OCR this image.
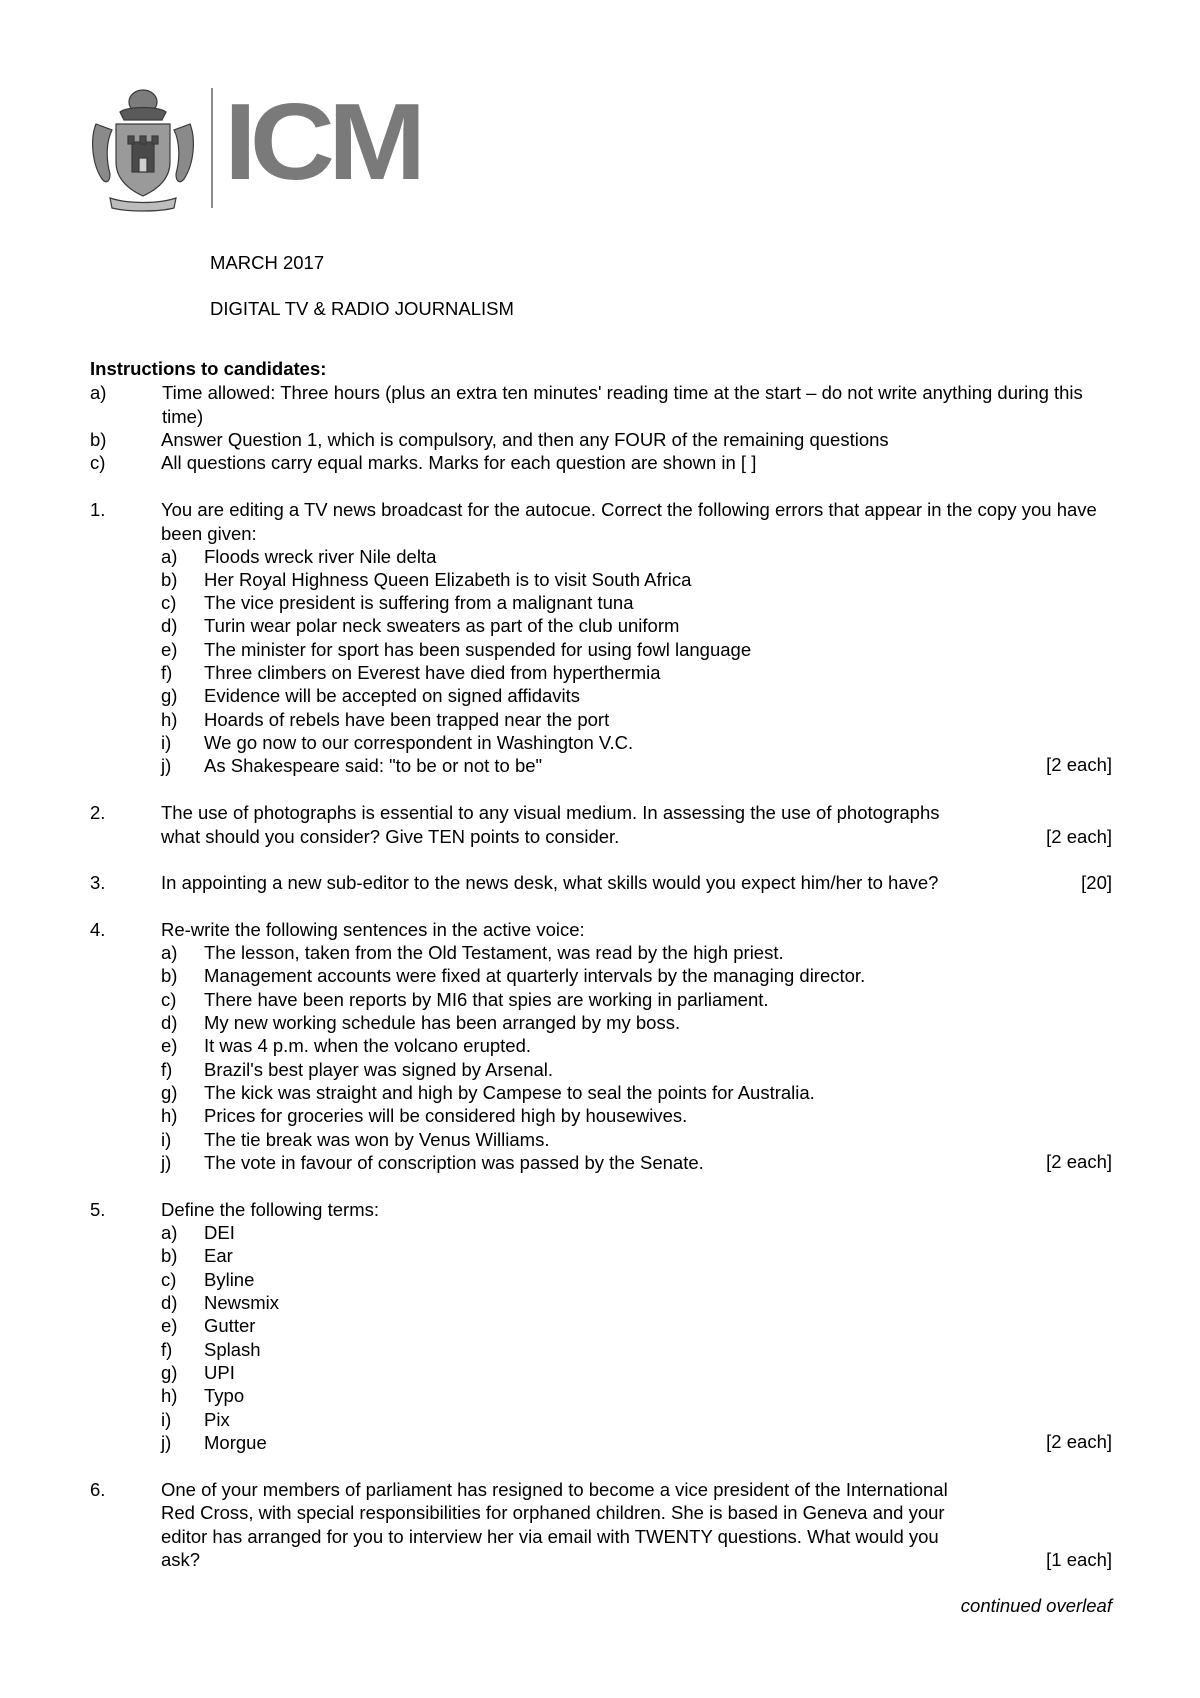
ICM
MARCH 2017
DIGITAL TV & RADIO JOURNALISM
Instructions to candidates:
a)	Time allowed: Three hours (plus an extra ten minutes' reading time at the start – do not write anything during this time)
b)	Answer Question 1, which is compulsory, and then any FOUR of the remaining questions
c)	All questions carry equal marks. Marks for each question are shown in [ ]
1.	You are editing a TV news broadcast for the autocue. Correct the following errors that appear in the copy you have been given:
a) Floods wreck river Nile delta
b) Her Royal Highness Queen Elizabeth is to visit South Africa
c) The vice president is suffering from a malignant tuna
d) Turin wear polar neck sweaters as part of the club uniform
e) The minister for sport has been suspended for using fowl language
f) Three climbers on Everest have died from hyperthermia
g) Evidence will be accepted on signed affidavits
h) Hoards of rebels have been trapped near the port
i) We go now to our correspondent in Washington V.C.
j) As Shakespeare said: "to be or not to be"	[2 each]
2.	The use of photographs is essential to any visual medium. In assessing the use of photographs
what should you consider? Give TEN points to consider.	[2 each]
3.	In appointing a new sub-editor to the news desk, what skills would you expect him/her to have?	[20]
4.	Re-write the following sentences in the active voice:
a) The lesson, taken from the Old Testament, was read by the high priest.
b) Management accounts were fixed at quarterly intervals by the managing director.
c) There have been reports by MI6 that spies are working in parliament.
d) My new working schedule has been arranged by my boss.
e) It was 4 p.m. when the volcano erupted.
f) Brazil's best player was signed by Arsenal.
g) The kick was straight and high by Campese to seal the points for Australia.
h) Prices for groceries will be considered high by housewives.
i) The tie break was won by Venus Williams.
j) The vote in favour of conscription was passed by the Senate.	[2 each]
5.	Define the following terms:
a) DEI
b) Ear
c) Byline
d) Newsmix
e) Gutter
f) Splash
g) UPI
h) Typo
i) Pix
j) Morgue	[2 each]
6.	One of your members of parliament has resigned to become a vice president of the International
Red Cross, with special responsibilities for orphaned children. She is based in Geneva and your
editor has arranged for you to interview her via email with TWENTY questions. What would you
ask?	[1 each]
continued overleaf
